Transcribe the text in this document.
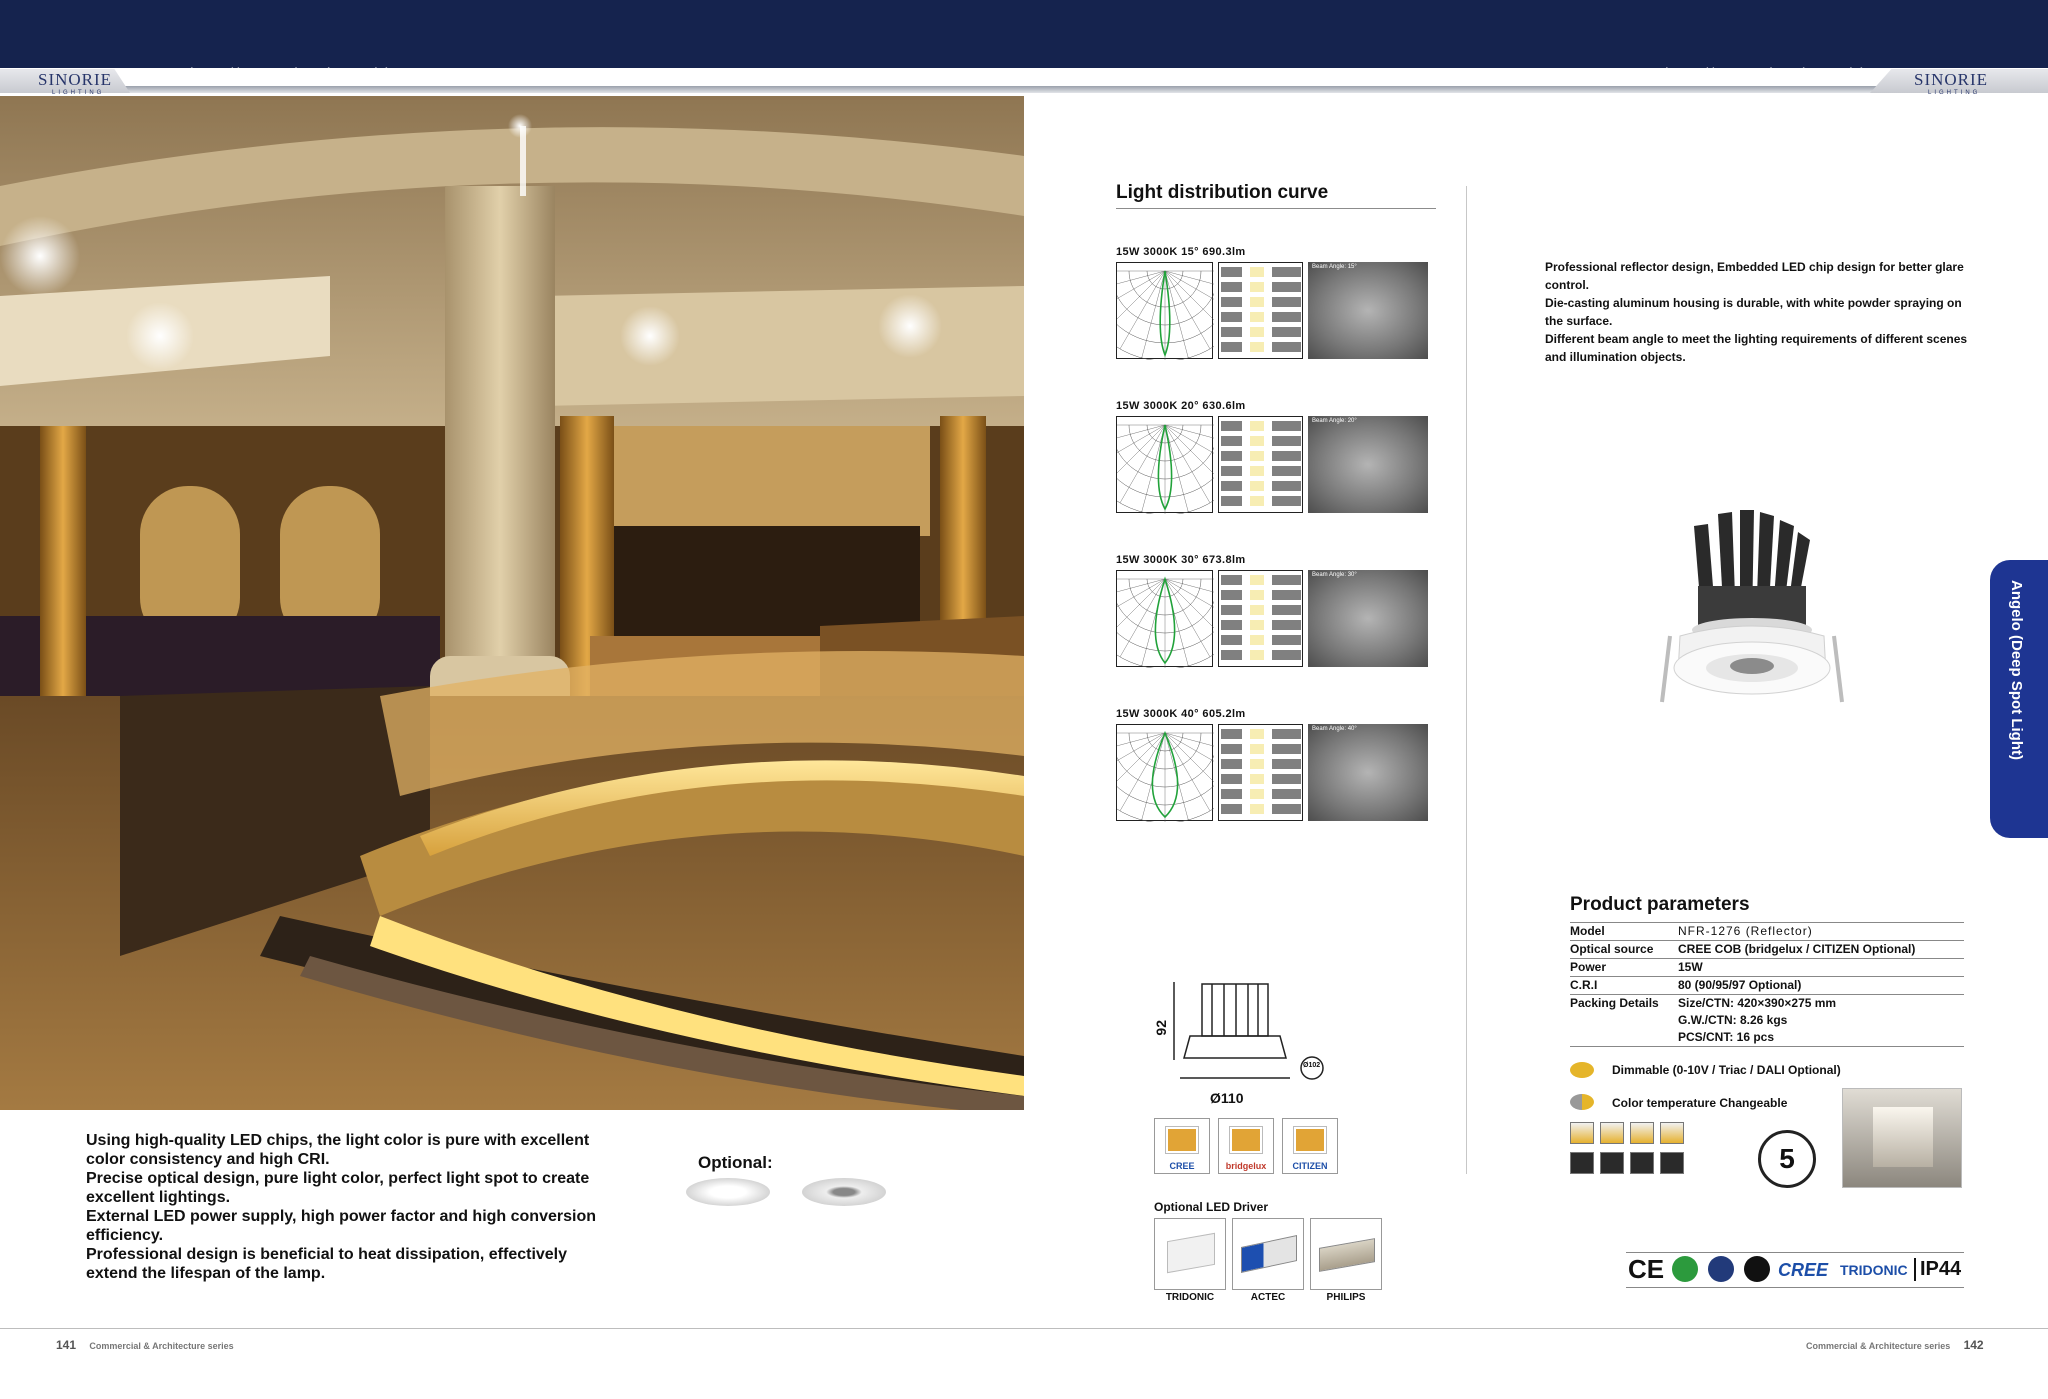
SINORIE
LIGHTING
http://www.sinorie.co.id	Angelo (Deep Spot Light)	Angelo (Deep Spot Light)	http://www.sinorie.co.id	SINORIE
LIGHTING
Using high-quality LED chips, the light color is pure with excellent color consistency and high CRI.
Precise optical design, pure light color, perfect light spot to create excellent lightings.
External LED power supply, high power factor and high conversion efficiency.
Professional design is beneficial to heat dissipation, effectively extend the lifespan of the lamp.
Optional:
Light distribution curve
15W 3000K 15° 690.3lm
Beam Angle: 15°
15W 3000K 20° 630.6lm
Beam Angle: 20°
15W 3000K 30° 673.8lm
Beam Angle: 30°
15W 3000K 40° 605.2lm
Beam Angle: 40°
Professional reflector design, Embedded LED chip design for better glare control.
Die-casting aluminum housing is durable, with white powder spraying on the surface.
Different beam angle to meet the lighting requirements of different scenes and illumination objects.
Angelo (Deep Spot Light)
92
Ø110
Ø102
CREE	bridgelux	CITIZEN
Optional LED Driver
TRIDONIC	ACTEC	PHILIPS
Product parameters
Model	NFR-1276 (Reflector)
Optical source	CREE COB (bridgelux / CITIZEN Optional)
Power	15W
C.R.I	80 (90/95/97 Optional)
Packing Details	Size/CTN: 420×390×275 mm
	G.W./CTN: 8.26 kgs
	PCS/CNT: 16 pcs
Dimmable (0-10V / Triac / DALI Optional)
Color temperature Changeable
5
CE	CREE TRIDONIC IP44
141 Commercial & Architecture series	Commercial & Architecture series 142
